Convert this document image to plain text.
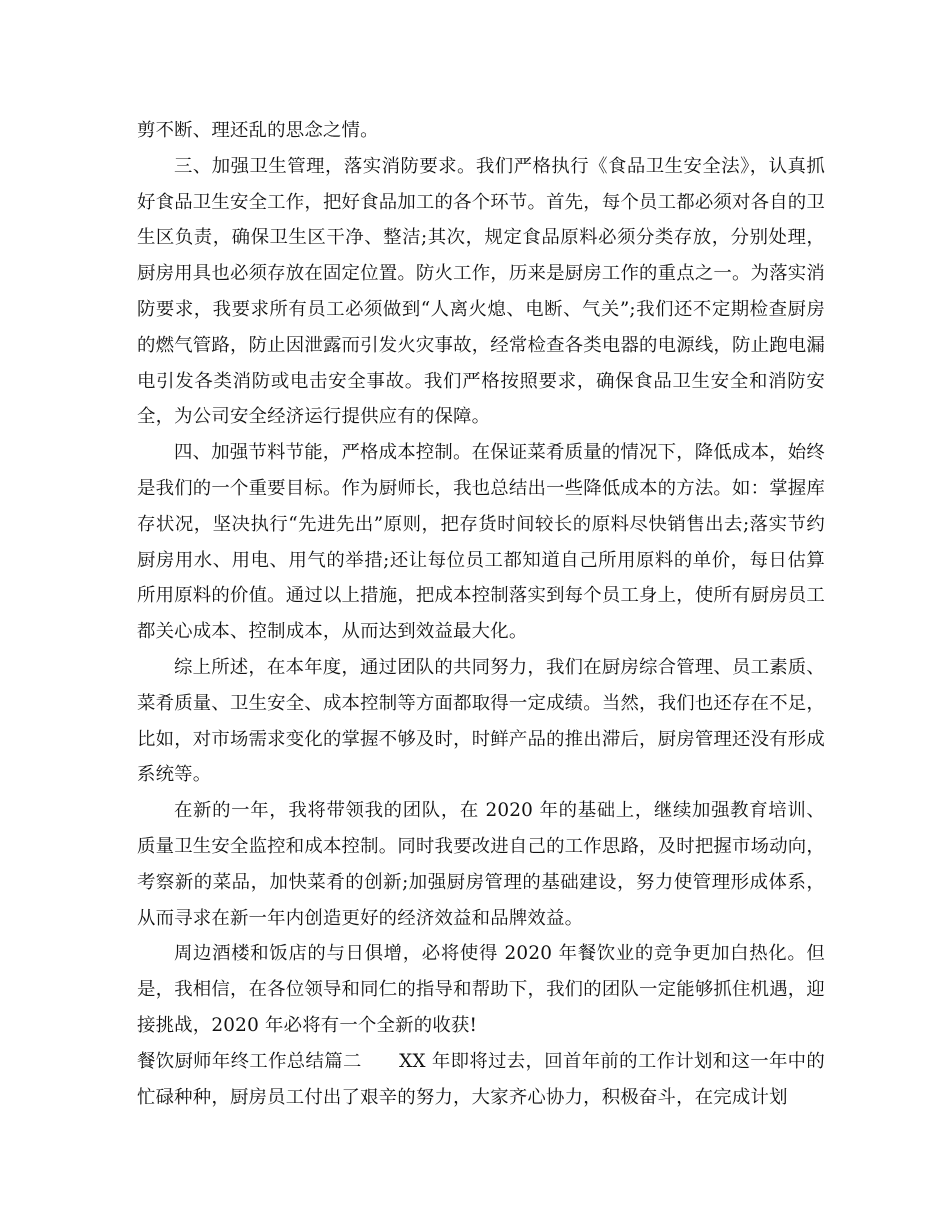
剪不断、理还乱的思念之情。

三、加强卫生管理，落实消防要求。我们严格执行《食品卫生安全法》，认真抓好食品卫生安全工作，把好食品加工的各个环节。首先，每个员工都必须对各自的卫生区负责，确保卫生区干净、整洁;其次，规定食品原料必须分类存放，分别处理，厨房用具也必须存放在固定位置。防火工作，历来是厨房工作的重点之一。为落实消防要求，我要求所有员工必须做到“人离火熄、电断、气关”;我们还不定期检查厨房的燃气管路，防止因泄露而引发火灾事故，经常检查各类电器的电源线，防止跑电漏电引发各类消防或电击安全事故。我们严格按照要求，确保食品卫生安全和消防安全，为公司安全经济运行提供应有的保障。

四、加强节料节能，严格成本控制。在保证菜肴质量的情况下，降低成本，始终是我们的一个重要目标。作为厨师长，我也总结出一些降低成本的方法。如：掌握库存状况，坚决执行“先进先出”原则，把存货时间较长的原料尽快销售出去;落实节约厨房用水、用电、用气的举措;还让每位员工都知道自己所用原料的单价，每日估算所用原料的价值。通过以上措施，把成本控制落实到每个员工身上，使所有厨房员工都关心成本、控制成本，从而达到效益最大化。

综上所述，在本年度，通过团队的共同努力，我们在厨房综合管理、员工素质、菜肴质量、卫生安全、成本控制等方面都取得一定成绩。当然，我们也还存在不足，比如，对市场需求变化的掌握不够及时，时鲜产品的推出滞后，厨房管理还没有形成系统等。

在新的一年，我将带领我的团队，在 2020 年的基础上，继续加强教育培训、质量卫生安全监控和成本控制。同时我要改进自己的工作思路，及时把握市场动向，考察新的菜品，加快菜肴的创新;加强厨房管理的基础建设，努力使管理形成体系，从而寻求在新一年内创造更好的经济效益和品牌效益。

周边酒楼和饭店的与日俱增，必将使得 2020 年餐饮业的竞争更加白热化。但是，我相信，在各位领导和同仁的指导和帮助下，我们的团队一定能够抓住机遇，迎接挑战，2020 年必将有一个全新的收获!

餐饮厨师年终工作总结篇二　　XX 年即将过去，回首年前的工作计划和这一年中的忙碌种种，厨房员工付出了艰辛的努力，大家齐心协力，积极奋斗，在完成计划
